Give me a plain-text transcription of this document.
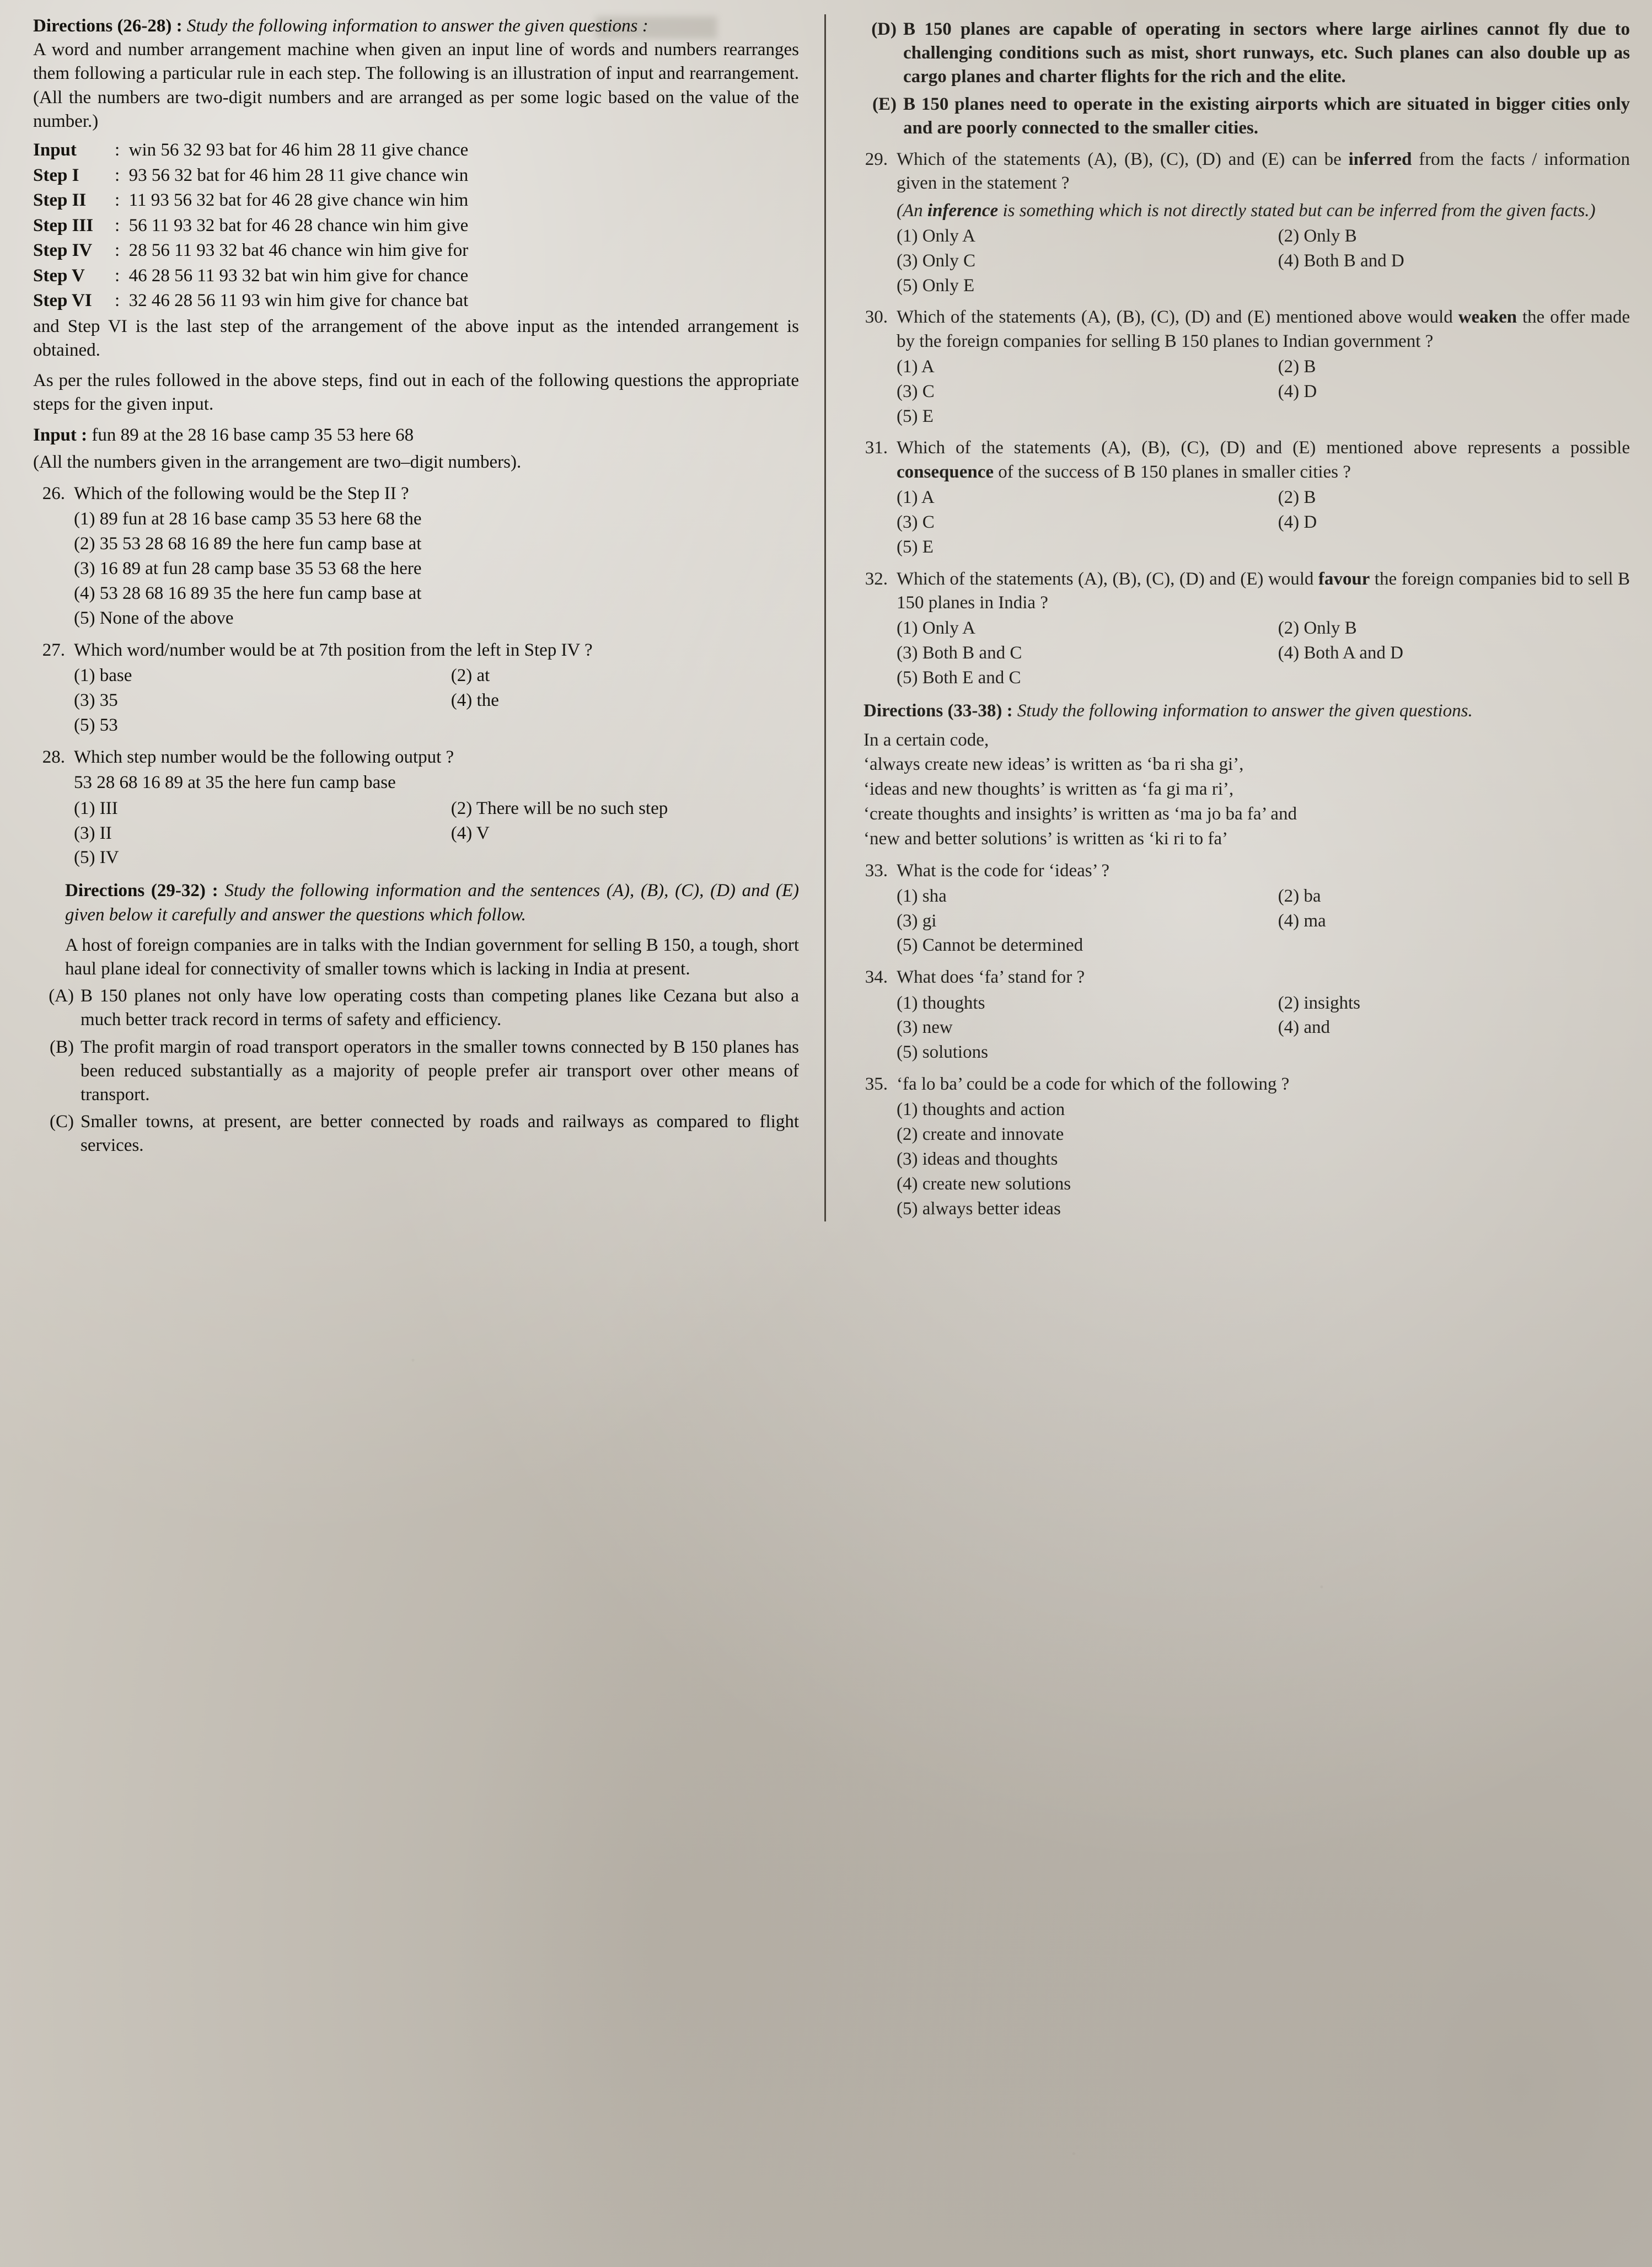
Directions (26-28) : Study the following information to answer the given questions :

A word and number arrangement machine when given an input line of words and numbers rearranges them following a particular rule in each step. The following is an illustration of input and rearrangement. (All the numbers are two-digit numbers and are arranged as per some logic based on the value of the number.)

Input : win 56 32 93 bat for 46 him 28 11 give chance
Step I : 93 56 32 bat for 46 him 28 11 give chance win
Step II : 11 93 56 32 bat for 46 28 give chance win him
Step III : 56 11 93 32 bat for 46 28 chance win him give
Step IV : 28 56 11 93 32 bat 46 chance win him give for
Step V : 46 28 56 11 93 32 bat win him give for chance
Step VI : 32 46 28 56 11 93 win him give for chance bat

and Step VI is the last step of the arrangement of the above input as the intended arrangement is obtained.

As per the rules followed in the above steps, find out in each of the following questions the appropriate steps for the given input.

Input : fun 89 at the 28 16 base camp 35 53 here 68

(All the numbers given in the arrangement are two–digit numbers).

26. Which of the following would be the Step II ?
(1) 89 fun at 28 16 base camp 35 53 here 68 the
(2) 35 53 28 68 16 89 the here fun camp base at
(3) 16 89 at fun 28 camp base 35 53 68 the here
(4) 53 28 68 16 89 35 the here fun camp base at
(5) None of the above
27. Which word/number would be at 7th position from the left in Step IV ?
(1) base	(2) at
(3) 35	(4) the
(5) 53
28. Which step number would be the following output ?
53 28 68 16 89 at 35 the here fun camp base
(1) III	(2) There will be no such step
(3) II	(4) V
(5) IV

Directions (29-32) : Study the following information and the sentences (A), (B), (C), (D) and (E) given below it carefully and answer the questions which follow.

A host of foreign companies are in talks with the Indian government for selling B 150, a tough, short haul plane ideal for connectivity of smaller towns which is lacking in India at present.

(A) B 150 planes not only have low operating costs than competing planes like Cezana but also a much better track record in terms of safety and efficiency.
(B) The profit margin of road transport operators in the smaller towns connected by B 150 planes has been reduced substantially as a majority of people prefer air transport over other means of transport.
(C) Smaller towns, at present, are better connected by roads and railways as compared to flight services.
(D) B 150 planes are capable of operating in sectors where large airlines cannot fly due to challenging conditions such as mist, short runways, etc. Such planes can also double up as cargo planes and charter flights for the rich and the elite.
(E) B 150 planes need to operate in the existing airports which are situated in bigger cities only and are poorly connected to the smaller cities.
29. Which of the statements (A), (B), (C), (D) and (E) can be inferred from the facts / information given in the statement ?
(An inference is something which is not directly stated but can be inferred from the given facts.)
(1) Only A	(2) Only B
(3) Only C	(4) Both B and D
(5) Only E
30. Which of the statements (A), (B), (C), (D) and (E) mentioned above would weaken the offer made by the foreign companies for selling B 150 planes to Indian government ?
(1) A	(2) B
(3) C	(4) D
(5) E
31. Which of the statements (A), (B), (C), (D) and (E) mentioned above represents a possible consequence of the success of B 150 planes in smaller cities ?
(1) A	(2) B
(3) C	(4) D
(5) E
32. Which of the statements (A), (B), (C), (D) and (E) would favour the foreign companies bid to sell B 150 planes in India ?
(1) Only A	(2) Only B
(3) Both B and C	(4) Both A and D
(5) Both E and C

Directions (33-38) : Study the following information to answer the given questions.

In a certain code,

‘always create new ideas’ is written as ‘ba ri sha gi’,
‘ideas and new thoughts’ is written as ‘fa gi ma ri’,
‘create thoughts and insights’ is written as ‘ma jo ba fa’ and
‘new and better solutions’ is written as ‘ki ri to fa’
33. What is the code for ‘ideas’ ?
(1) sha	(2) ba
(3) gi	(4) ma
(5) Cannot be determined
34. What does ‘fa’ stand for ?
(1) thoughts	(2) insights
(3) new	(4) and
(5) solutions
35. ‘fa lo ba’ could be a code for which of the following ?
(1) thoughts and action
(2) create and innovate
(3) ideas and thoughts
(4) create new solutions
(5) always better ideas
